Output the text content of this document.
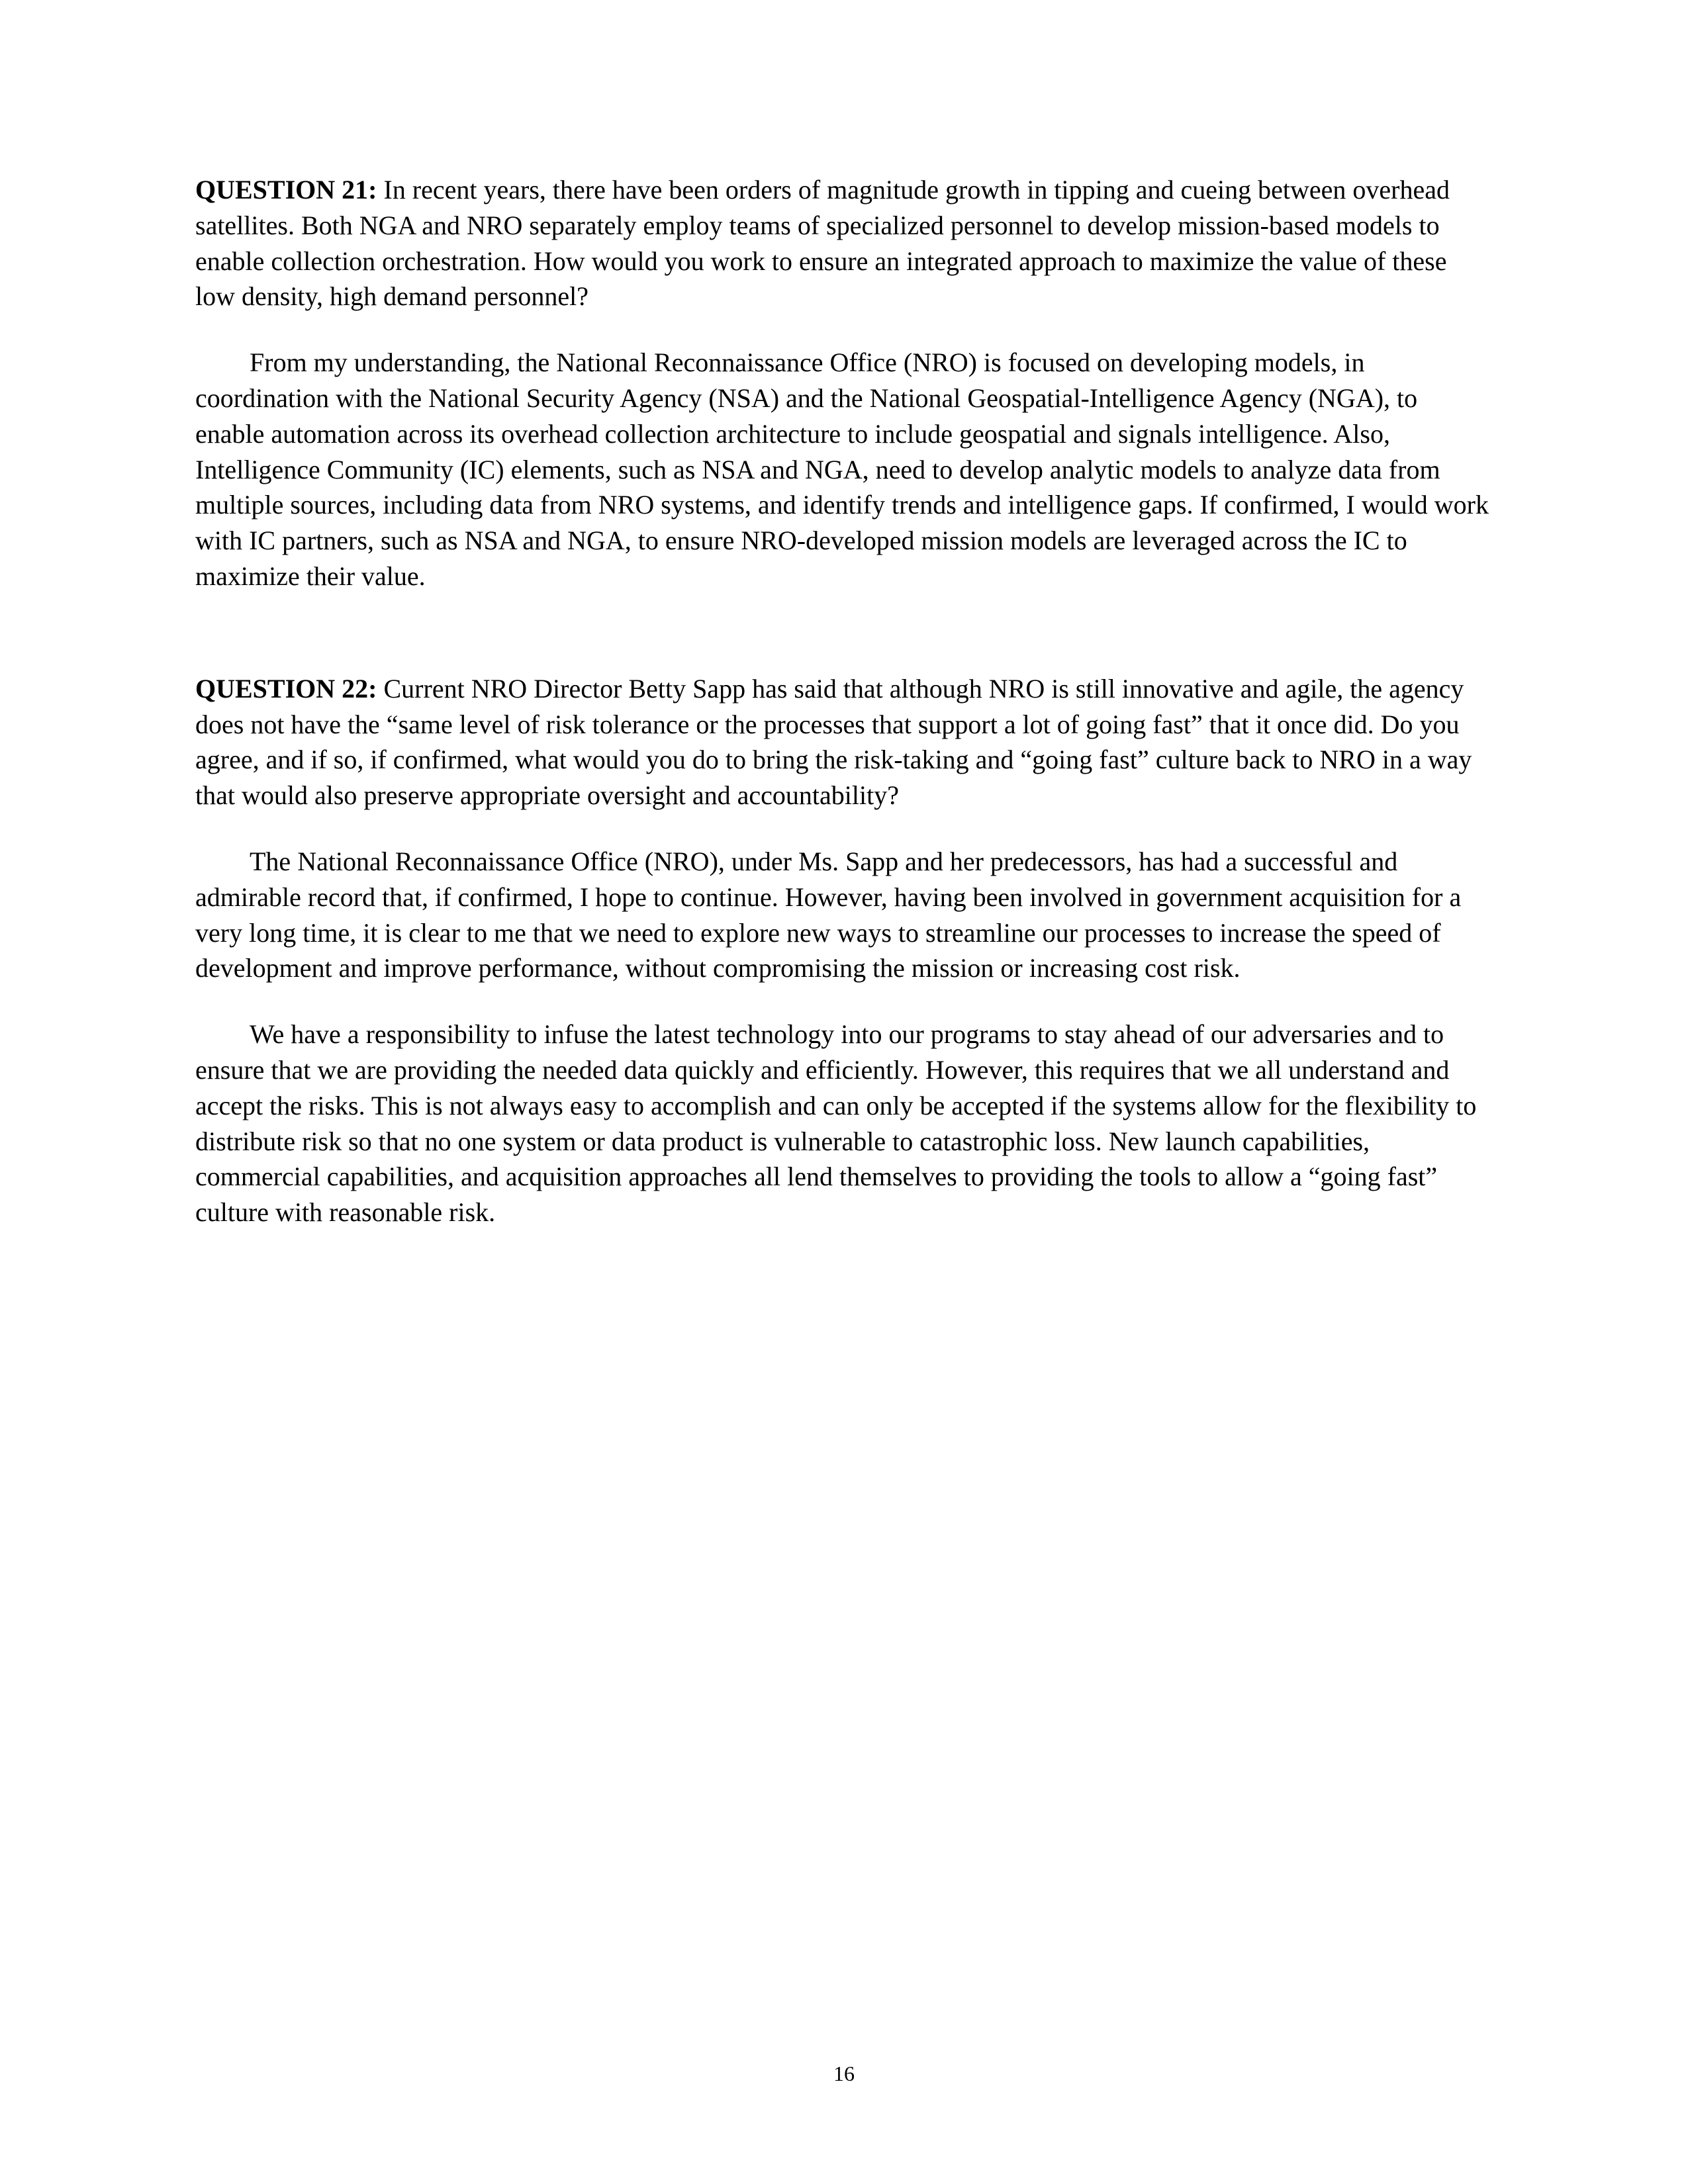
QUESTION 21: In recent years, there have been orders of magnitude growth in tipping and cueing between overhead satellites. Both NGA and NRO separately employ teams of specialized personnel to develop mission-based models to enable collection orchestration. How would you work to ensure an integrated approach to maximize the value of these low density, high demand personnel?

From my understanding, the National Reconnaissance Office (NRO) is focused on developing models, in coordination with the National Security Agency (NSA) and the National Geospatial-Intelligence Agency (NGA), to enable automation across its overhead collection architecture to include geospatial and signals intelligence. Also, Intelligence Community (IC) elements, such as NSA and NGA, need to develop analytic models to analyze data from multiple sources, including data from NRO systems, and identify trends and intelligence gaps. If confirmed, I would work with IC partners, such as NSA and NGA, to ensure NRO-developed mission models are leveraged across the IC to maximize their value.

QUESTION 22: Current NRO Director Betty Sapp has said that although NRO is still innovative and agile, the agency does not have the “same level of risk tolerance or the processes that support a lot of going fast” that it once did. Do you agree, and if so, if confirmed, what would you do to bring the risk-taking and “going fast” culture back to NRO in a way that would also preserve appropriate oversight and accountability?

The National Reconnaissance Office (NRO), under Ms. Sapp and her predecessors, has had a successful and admirable record that, if confirmed, I hope to continue. However, having been involved in government acquisition for a very long time, it is clear to me that we need to explore new ways to streamline our processes to increase the speed of development and improve performance, without compromising the mission or increasing cost risk.

We have a responsibility to infuse the latest technology into our programs to stay ahead of our adversaries and to ensure that we are providing the needed data quickly and efficiently. However, this requires that we all understand and accept the risks. This is not always easy to accomplish and can only be accepted if the systems allow for the flexibility to distribute risk so that no one system or data product is vulnerable to catastrophic loss. New launch capabilities, commercial capabilities, and acquisition approaches all lend themselves to providing the tools to allow a “going fast” culture with reasonable risk.

16
